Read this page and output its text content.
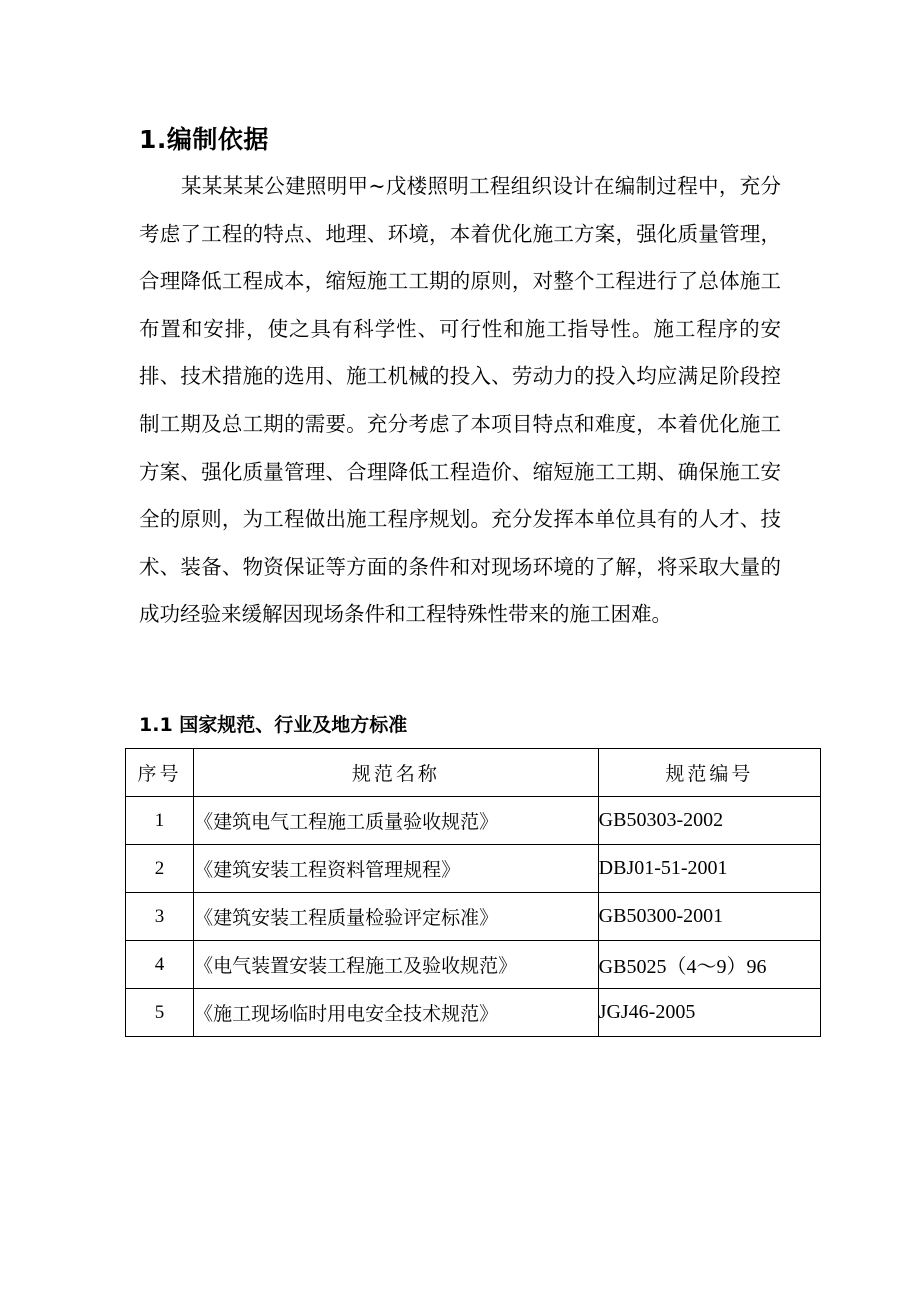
1.编制依据

某某某某公建照明甲~戊楼照明工程组织设计在编制过程中，充分考虑了工程的特点、地理、环境，本着优化施工方案，强化质量管理，合理降低工程成本，缩短施工工期的原则，对整个工程进行了总体施工布置和安排，使之具有科学性、可行性和施工指导性。施工程序的安排、技术措施的选用、施工机械的投入、劳动力的投入均应满足阶段控制工期及总工期的需要。充分考虑了本项目特点和难度，本着优化施工方案、强化质量管理、合理降低工程造价、缩短施工工期、确保施工安全的原则，为工程做出施工程序规划。充分发挥本单位具有的人才、技术、装备、物资保证等方面的条件和对现场环境的了解，将采取大量的成功经验来缓解因现场条件和工程特殊性带来的施工困难。

1.1 国家规范、行业及地方标准
序号	规范名称	规范编号
1	《建筑电气工程施工质量验收规范》	GB50303-2002
2	《建筑安装工程资料管理规程》	DBJ01-51-2001
3	《建筑安装工程质量检验评定标准》	GB50300-2001
4	《电气装置安装工程施工及验收规范》	GB5025（4～9）96
5	《施工现场临时用电安全技术规范》	JGJ46-2005
